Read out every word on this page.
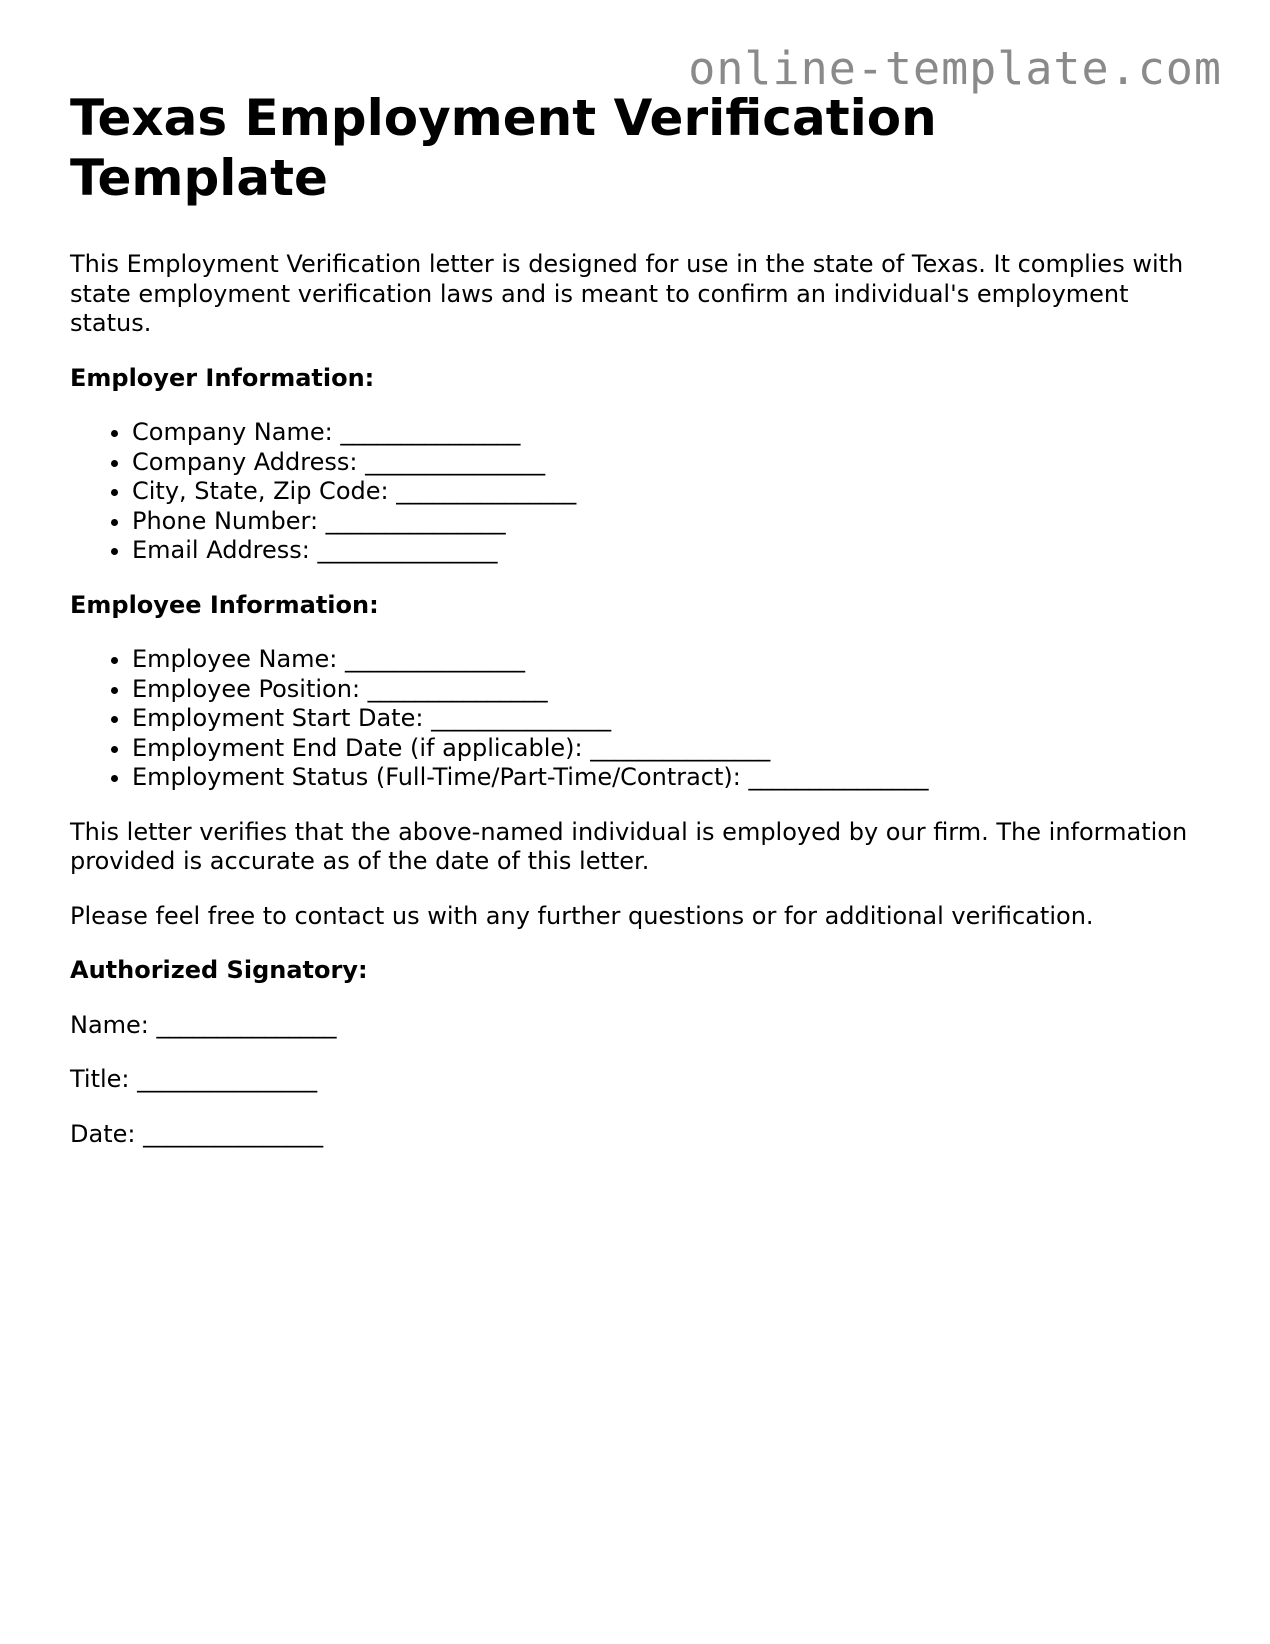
online-template.com
Texas Employment Verification Template

This Employment Verification letter is designed for use in the state of Texas. It complies with state employment verification laws and is meant to confirm an individual's employment status.

Employer Information:

• Company Name: _______________
• Company Address: _______________
• City, State, Zip Code: _______________
• Phone Number: _______________
• Email Address: _______________

Employee Information:

• Employee Name: _______________
• Employee Position: _______________
• Employment Start Date: _______________
• Employment End Date (if applicable): _______________
• Employment Status (Full-Time/Part-Time/Contract): _______________

This letter verifies that the above-named individual is employed by our firm. The information provided is accurate as of the date of this letter.

Please feel free to contact us with any further questions or for additional verification.

Authorized Signatory:

Name: _______________

Title: _______________

Date: _______________
